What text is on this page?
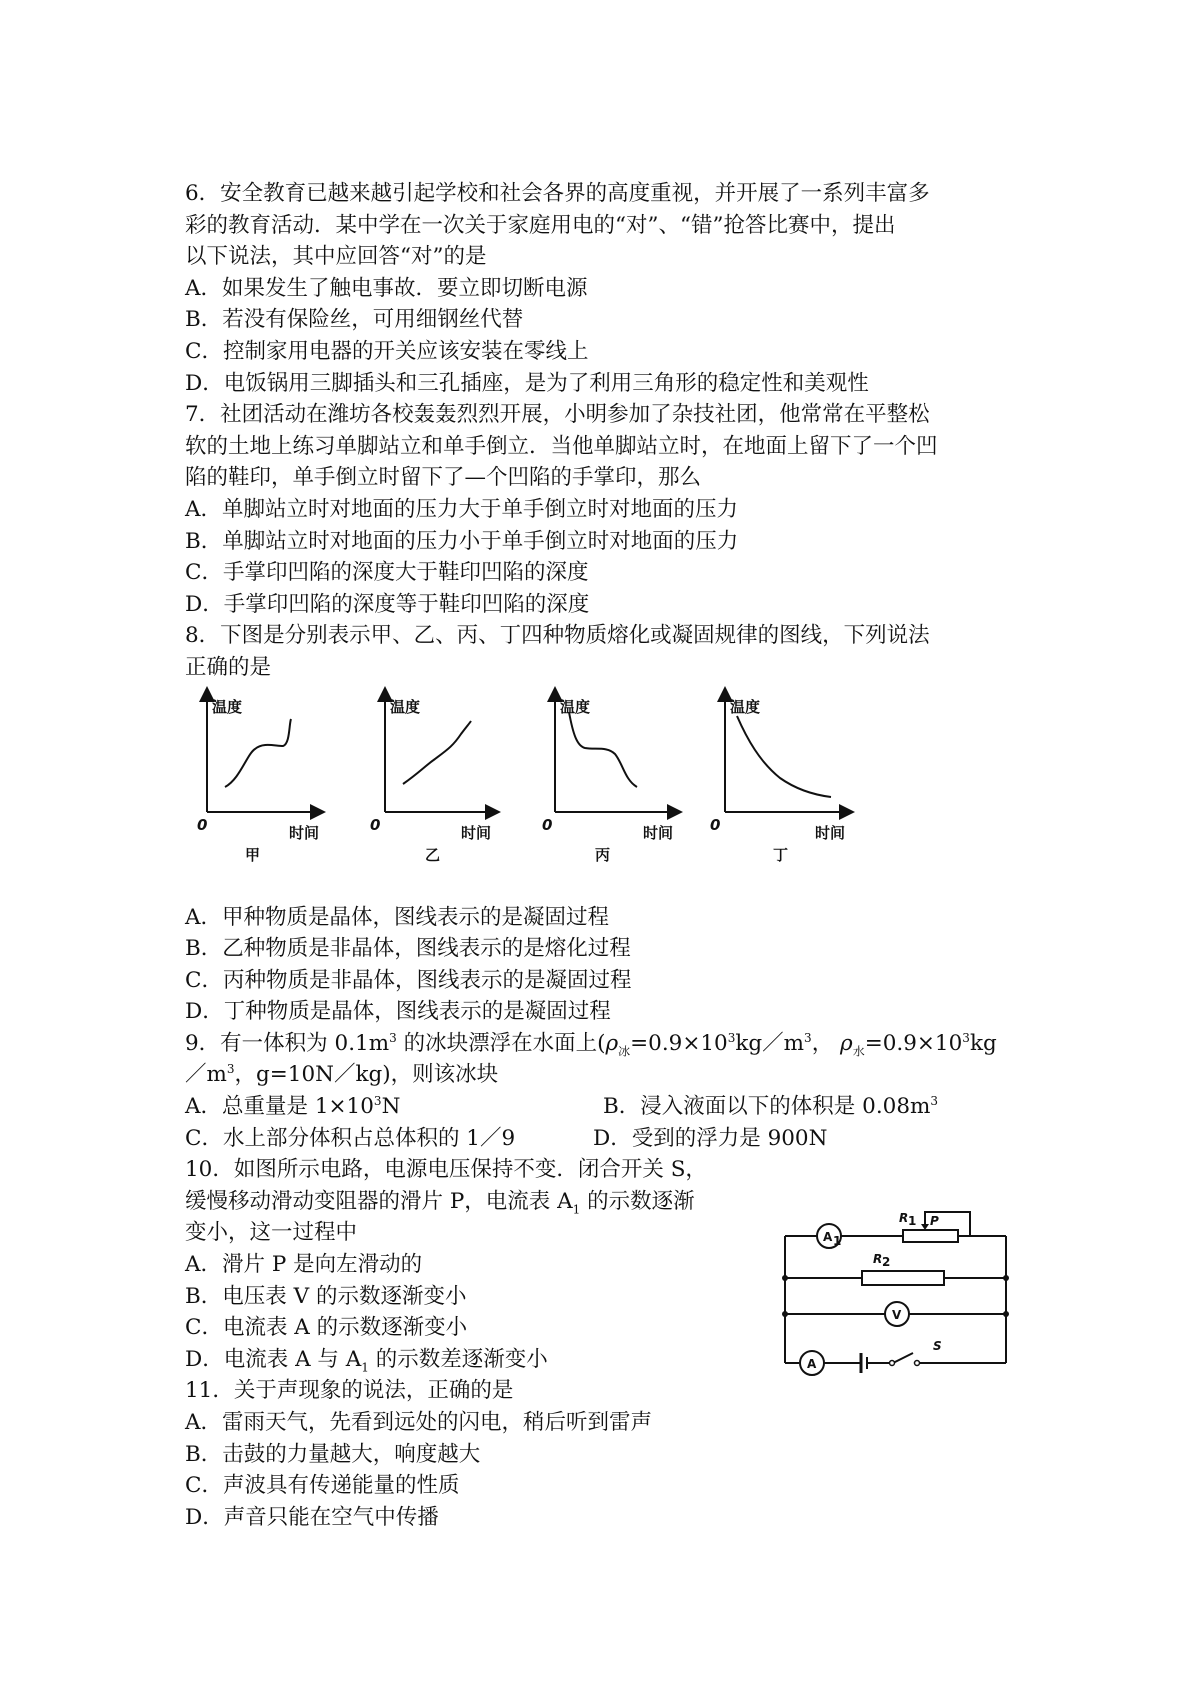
6．安全教育已越来越引起学校和社会各界的高度重视，并开展了一系列丰富多
彩的教育活动．某中学在一次关于家庭用电的“对”、“错”抢答比赛中，提出
以下说法，其中应回答“对”的是
A．如果发生了触电事故．要立即切断电源
B．若没有保险丝，可用细钢丝代替
C．控制家用电器的开关应该安装在零线上
D．电饭锅用三脚插头和三孔插座，是为了利用三角形的稳定性和美观性
7．社团活动在潍坊各校轰轰烈烈开展，小明参加了杂技社团，他常常在平整松
软的土地上练习单脚站立和单手倒立．当他单脚站立时，在地面上留下了一个凹
陷的鞋印，单手倒立时留下了—个凹陷的手掌印，那么
A．单脚站立时对地面的压力大于单手倒立时对地面的压力
B．单脚站立时对地面的压力小于单手倒立时对地面的压力
C．手掌印凹陷的深度大于鞋印凹陷的深度
D．手掌印凹陷的深度等于鞋印凹陷的深度
8．下图是分别表示甲、乙、丙、丁四种物质熔化或凝固规律的图线，下列说法
正确的是
温度
0	时间
甲
温度
0	时间
乙
温度
0	时间
丙
温度
0	时间
丁
A．甲种物质是晶体，图线表示的是凝固过程
B．乙种物质是非晶体，图线表示的是熔化过程
C．丙种物质是非晶体，图线表示的是凝固过程
D．丁种物质是晶体，图线表示的是凝固过程
9．有一体积为 $0.1m^3$ 的冰块漂浮在水面上($\rho_冰=0.9\times 10^3kg/m^3$， $\rho_水=0.9\times 10^3kg$
$/m^3$，g=10N／kg)，则该冰块
A．总重量是 $1\times 10^3N$	B．浸入液面以下的体积是 $0.08m^3$
C．水上部分体积占总体积的 1／9	D．受到的浮力是 900N
10．如图所示电路，电源电压保持不变．闭合开关 S，
缓慢移动滑动变阻器的滑片 P，电流表 $A_1$ 的示数逐渐
变小，这一过程中
A．滑片 P 是向左滑动的
B．电压表 V 的示数逐渐变小
C．电流表 A 的示数逐渐变小
D．电流表 A 与 $A_1$ 的示数差逐渐变小
A 1
R 1 P
R 2
V
A
S
11．关于声现象的说法，正确的是
A．雷雨天气，先看到远处的闪电，稍后听到雷声
B．击鼓的力量越大，响度越大
C．声波具有传递能量的性质
D．声音只能在空气中传播
